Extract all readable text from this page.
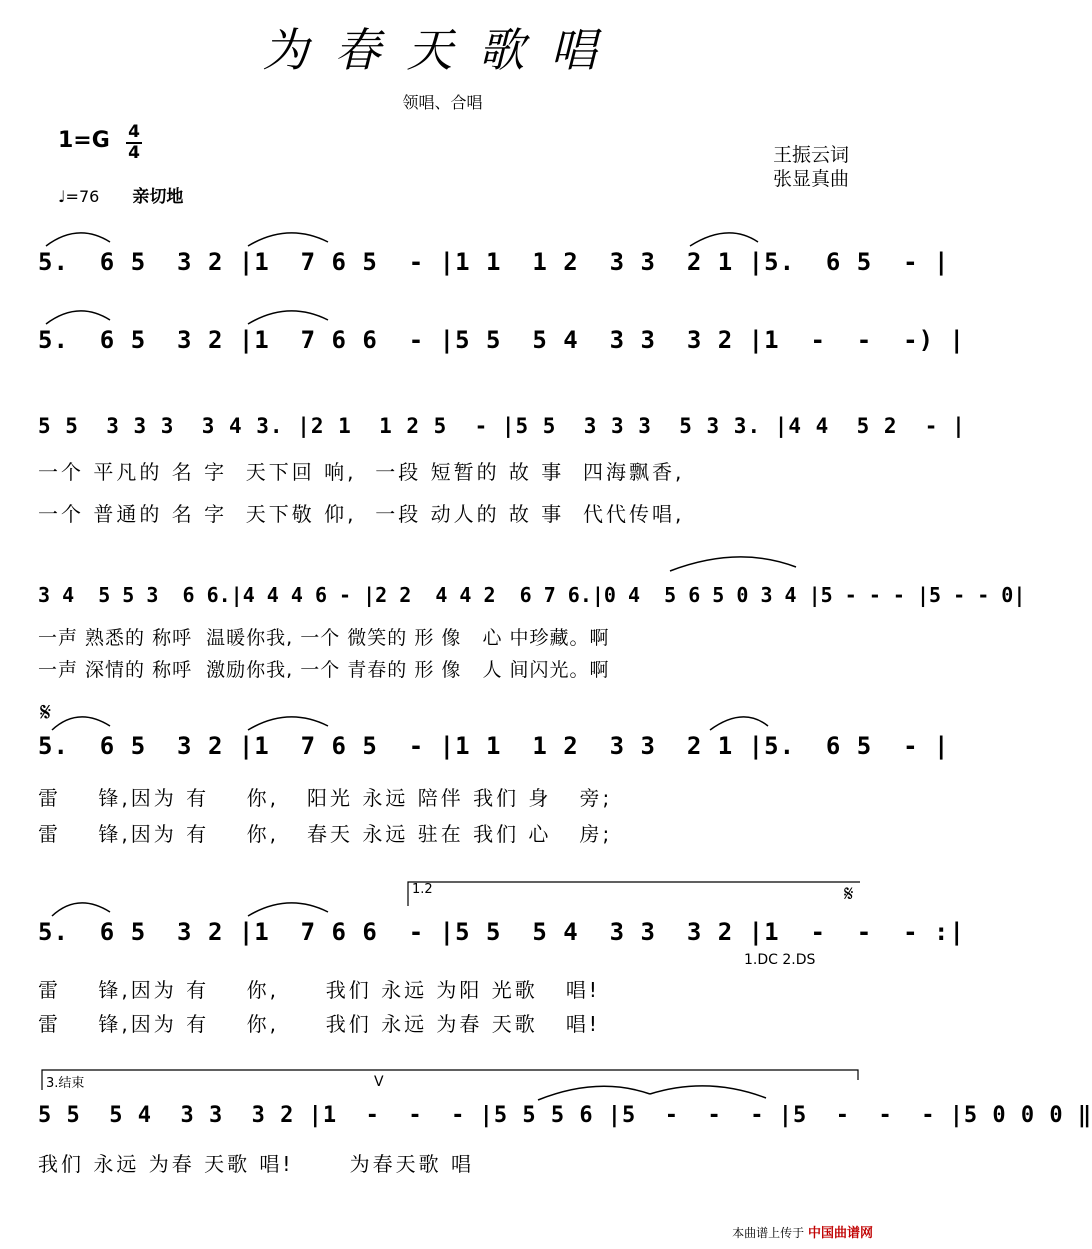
为春天歌唱
领唱、合唱
1=G 4
4
♩=76 亲切地
王振云词
张显真曲
5.  6 5  3 2 |1  7 6 5  - |1 1  1 2  3 3  2 1 |5.  6 5  - |
5.  6 5  3 2 |1  7 6 6  - |5 5  5 4  3 3  3 2 |1  -  -  -) |
5 5  3 3 3  3 4 3. |2 1  1 2 5  - |5 5  3 3 3  5 3 3. |4 4  5 2  - |
一个 平凡的 名 字  天下回 响,  一段 短暂的 故 事  四海飘香,
一个 普通的 名 字  天下敬 仰,  一段 动人的 故 事  代代传唱,
3 4  5 5 3  6 6.|4 4 4 6 - |2 2  4 4 2  6 7 6.|0 4  5 6 5 0 3 4 |5 - - - |5 - - 0|
一声 熟悉的 称呼  温暖你我, 一个 微笑的 形 像   心 中珍藏。啊
一声 深情的 称呼  激励你我, 一个 青春的 形 像   人 间闪光。啊
𝄋
5.  6 5  3 2 |1  7 6 5  - |1 1  1 2  3 3  2 1 |5.  6 5  - |
雷    锋,因为 有    你,   阳光 永远 陪伴 我们 身   旁;
雷    锋,因为 有    你,   春天 永远 驻在 我们 心   房;
1.2	𝄋
5.  6 5  3 2 |1  7 6 6  - |5 5  5 4  3 3  3 2 |1  -  -  - :|
1.DC 2.DS
雷    锋,因为 有    你,     我们 永远 为阳 光歌   唱!
雷    锋,因为 有    你,     我们 永远 为春 天歌   唱!
3.结束	V
5 5  5 4  3 3  3 2 |1  -  -  - |5 5 5 6 |5  -  -  - |5  -  -  - |5 0 0 0 ‖
我们 永远 为春 天歌 唱!      为春天歌 唱
本曲谱上传于 中国曲谱网
